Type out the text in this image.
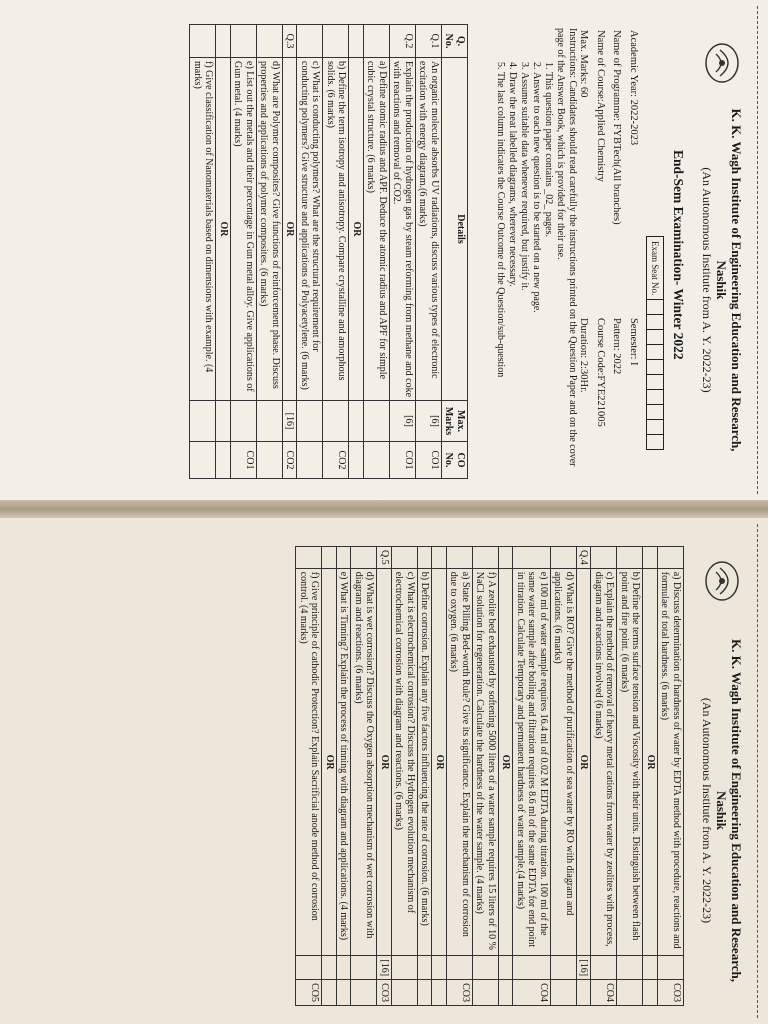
K. K. Wagh Institute of Engineering Education and Research,
Nashik
(An Autonomous Institute from A. Y. 2022-23)
End-Sem Examination- Winter 2022
Exam Seat No.
Academic Year: 2022-2023	Semester: I
Name of Programme: FYBTech(All branches)	Pattern: 2022
Name of Course:Applied Chemistry	Course Code:FYE221005
Max. Marks: 60	Duration: 2:30Hr.
Instructions: Candidates should read carefully the instructions printed on the Question Paper and on the cover page of the Answer Book, which is provided for their use.
1. This question paper contains _02_ pages.
2. Answer to each new question is to be started on a new page.
3. Assume suitable data whenever required, but justify it.
4. Draw the neat labelled diagrams, wherever necessary.
5. The last column indicates the Course Outcome of the Question/sub-question
Q. No.	Details	Max. Marks	CO No.
Q.1	An organic molecule absorbs UV radiations, discuss various types of electronic excitation with energy diagram.(6 marks)	[6]	CO1
Q.2	Explain the production of hydrogen gas by steam reforming from methane and coke with reactions and removal of CO2.	[6]	CO1
	a) Define atomic radius and APF. Deduce the atomic radius and APF for simple cubic crystal structure. (6 marks)		
	OR		
	b) Define the term isotropy and anisotropy. Compare crystalline and amorphous solids. (6 marks)		CO2
	c) What is conducting polymers? What are the structural requirement for conducting polymers? Give structure and applications of Polyacetylene. (6 marks)		
Q.3	OR	[16]	CO2
	d) What are Polymer composites? Give functions of reinforcement phase. Discuss properties and applications of polymer composites. (6 marks)		
	e) List out the metals and their percentage in Gun metal alloy. Give applications of Gun metal. (4 marks)		CO1
	OR		
	f) Give classification of Nanomaterials based on dimensions with example. (4 marks)		
K. K. Wagh Institute of Engineering Education and Research,
Nashik
(An Autonomous Institute from A. Y. 2022-23)
	a) Discuss determination of hardness of water by EDTA method with procedure, reactions and formulae of total hardness. (6 marks)		CO3
	OR		
	b) Define the terms surface tension and Viscosity with their units. Distinguish between flash point and fire point. (6 marks)		
	c) Explain the method of removal of heavy metal cations from water by zeolites with process, diagram and reactions involved (6 marks)		CO4
Q.4	OR	[16]	
	d) What is RO? Give the method of purification of sea water by RO with diagram and applications. (6 marks)		
	e) 100 ml of water sample requires 16.4 ml of 0.02 M EDTA during titration. 100 ml of the same water sample after boiling and filtration requires 8.6 ml of the same EDTA for end point in titration. Calculate Temporary and permanent hardness of water sample.(4 marks)		CO4
	OR		
	f) A zeolite bed exhausted by softening 5000 liters of a water sample requires 15 liters of 10 % NaCl solution for regeneration. Calculate the hardness of the water sample. (4 marks)		
	a) State Pilling Bed-worth Rule? Give its significance. Explain the mechanism of corrosion due to oxygen. (6 marks)		CO3
	OR		
	b) Define corrosion. Explain any five factors influencing the rate of corrosion. (6 marks)		
	c) What is electrochemical corrosion? Discuss the Hydrogen evolution mechanism of electrochemical corrosion with diagram and reactions. (6 marks)		
Q.5	OR	[16]	CO3
	d) What is wet corrosion? Discuss the Oxygen absorption mechanism of wet corrosion with diagram and reactions. (6 marks)		
	e) What is Tinning? Explain the process of tinning with diagram and applications. (4 marks)		
	OR		
	f) Give principle of cathodic Protection? Explain Sacrificial anode method of corrosion control. (4 marks)		CO5
